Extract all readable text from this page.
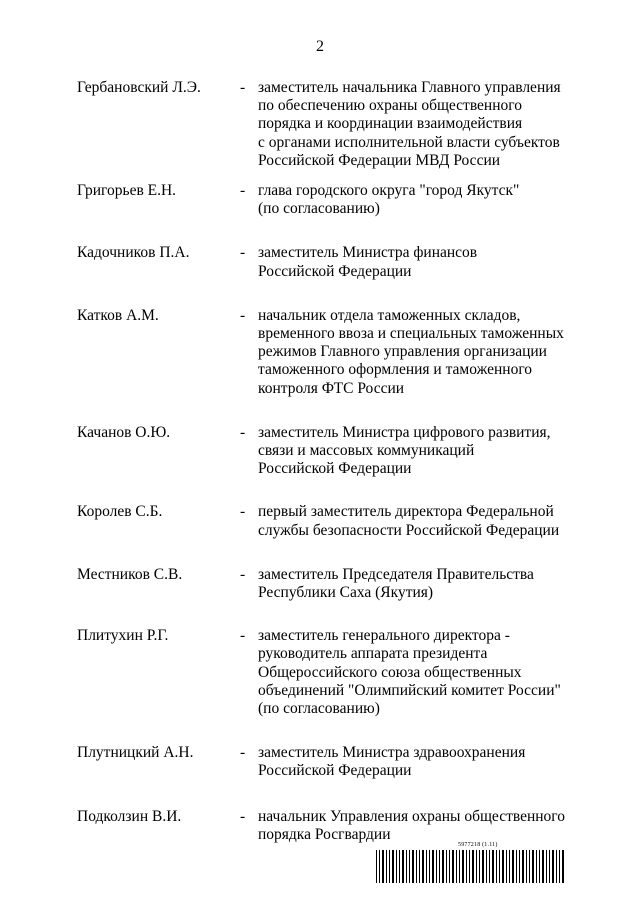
2
Гербановский Л.Э.	- заместитель начальника Главного управления
по обеспечению охраны общественного
порядка и координации взаимодействия
с органами исполнительной власти субъектов
Российской Федерации МВД России
Григорьев Е.Н.	- глава городского округа "город Якутск"
(по согласованию)
Кадочников П.А.	- заместитель Министра финансов
Российской Федерации
Катков А.М.	- начальник отдела таможенных складов,
временного ввоза и специальных таможенных
режимов Главного управления организации
таможенного оформления и таможенного
контроля ФТС России
Качанов О.Ю.	- заместитель Министра цифрового развития,
связи и массовых коммуникаций
Российской Федерации
Королев С.Б.	- первый заместитель директора Федеральной
службы безопасности Российской Федерации
Местников С.В.	- заместитель Председателя Правительства
Республики Саха (Якутия)
Плитухин Р.Г.	- заместитель генерального директора -
руководитель аппарата президента
Общероссийского союза общественных
объединений "Олимпийский комитет России"
(по согласованию)
Плутницкий А.Н.	- заместитель Министра здравоохранения
Российской Федерации
Подколзин В.И.	- начальник Управления охраны общественного
порядка Росгвардии
5977218 (1.11)
